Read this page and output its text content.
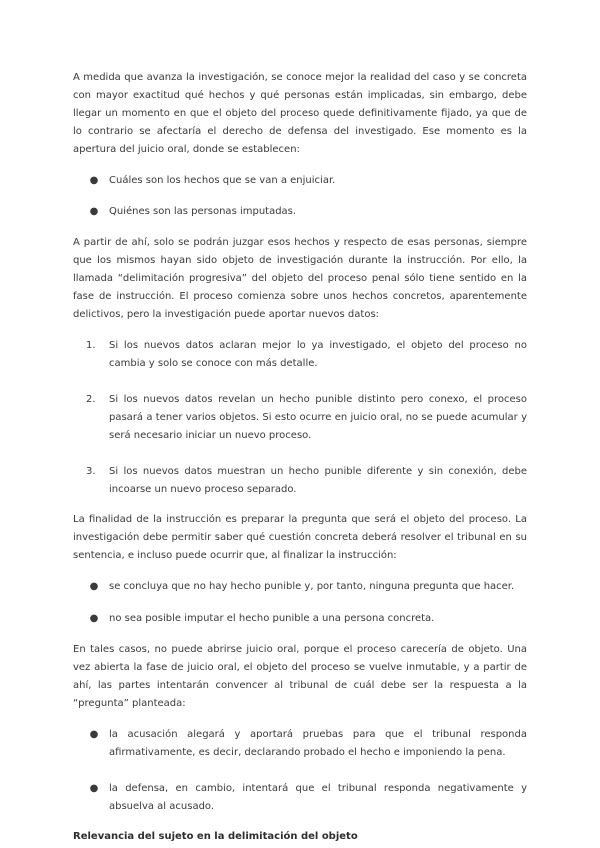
A medida que avanza la investigación, se conoce mejor la realidad del caso y se concreta con mayor exactitud qué hechos y qué personas están implicadas, sin embargo, debe llegar un momento en que el objeto del proceso quede definitivamente fijado, ya que de lo contrario se afectaría el derecho de defensa del investigado. Ese momento es la apertura del juicio oral, donde se establecen:

● Cuáles son los hechos que se van a enjuiciar.
● Quiénes son las personas imputadas.

A partir de ahí, solo se podrán juzgar esos hechos y respecto de esas personas, siempre que los mismos hayan sido objeto de investigación durante la instrucción. Por ello, la llamada “delimitación progresiva” del objeto del proceso penal sólo tiene sentido en la fase de instrucción. El proceso comienza sobre unos hechos concretos, aparentemente delictivos, pero la investigación puede aportar nuevos datos:

1. Si los nuevos datos aclaran mejor lo ya investigado, el objeto del proceso no cambia y solo se conoce con más detalle.
2. Si los nuevos datos revelan un hecho punible distinto pero conexo, el proceso pasará a tener varios objetos. Si esto ocurre en juicio oral, no se puede acumular y será necesario iniciar un nuevo proceso.
3. Si los nuevos datos muestran un hecho punible diferente y sin conexión, debe incoarse un nuevo proceso separado.

La finalidad de la instrucción es preparar la pregunta que será el objeto del proceso. La investigación debe permitir saber qué cuestión concreta deberá resolver el tribunal en su sentencia, e incluso puede ocurrir que, al finalizar la instrucción:

● se concluya que no hay hecho punible y, por tanto, ninguna pregunta que hacer.
● no sea posible imputar el hecho punible a una persona concreta.

En tales casos, no puede abrirse juicio oral, porque el proceso carecería de objeto. Una vez abierta la fase de juicio oral, el objeto del proceso se vuelve inmutable, y a partir de ahí, las partes intentarán convencer al tribunal de cuál debe ser la respuesta a la “pregunta” planteada:

● la acusación alegará y aportará pruebas para que el tribunal responda afirmativamente, es decir, declarando probado el hecho e imponiendo la pena.
● la defensa, en cambio, intentará que el tribunal responda negativamente y absuelva al acusado.

Relevancia del sujeto en la delimitación del objeto
